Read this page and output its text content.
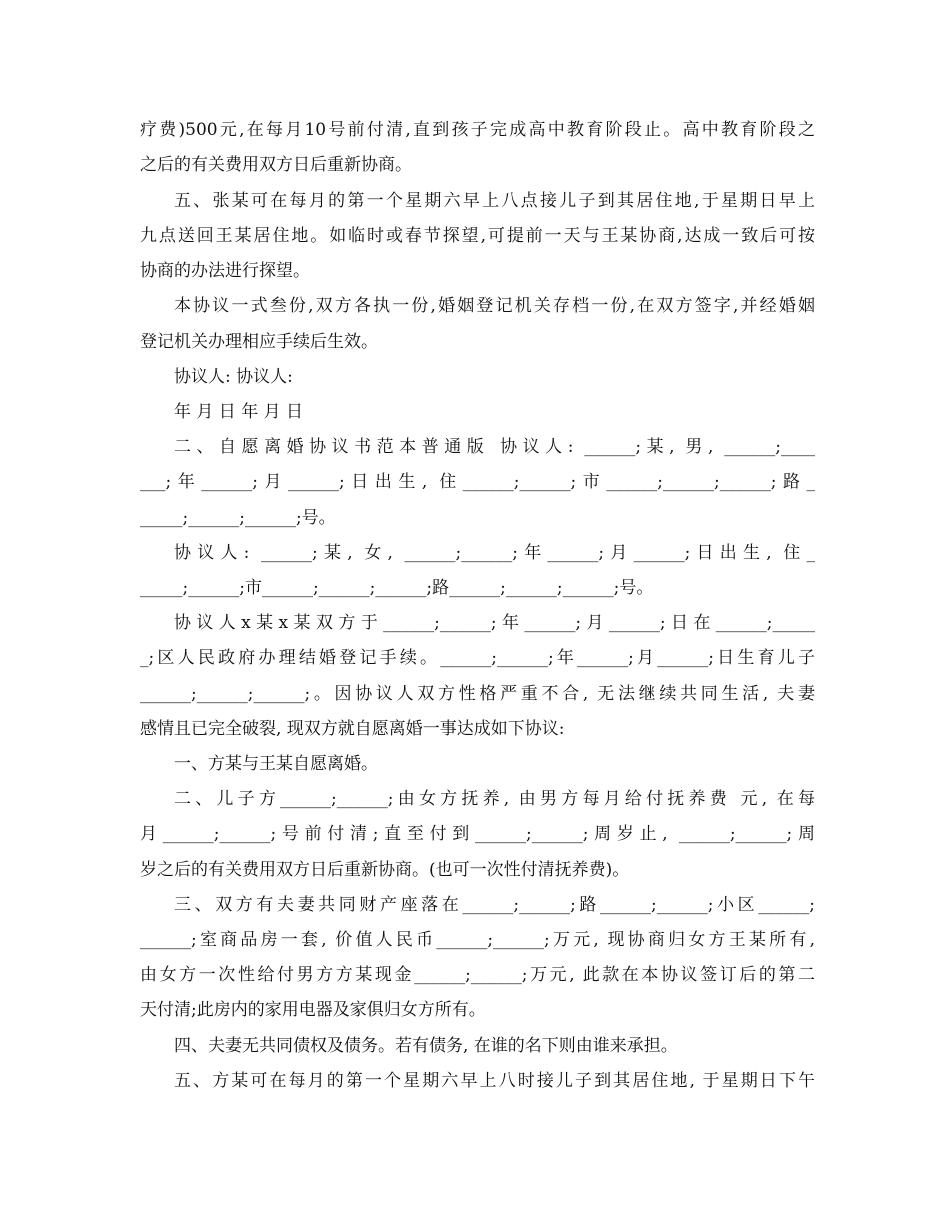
疗费)500元,在每月10号前付清,直到孩子完成高中教育阶段止。高中教育阶段之
之后的有关费用双方日后重新协商。
五、张某可在每月的第一个星期六早上八点接儿子到其居住地,于星期日早上
九点送回王某居住地。如临时或春节探望,可提前一天与王某协商,达成一致后可按
协商的办法进行探望。
本协议一式叁份,双方各执一份,婚姻登记机关存档一份,在双方签字,并经婚姻
登记机关办理相应手续后生效。
协议人: 协议人:
年 月 日 年 月 日
二、自愿离婚协议书范本普通版 协议人: ______;某, 男, ______;____
___;年______;月______;日出生, 住______;______;市______;______;______;路_
_____;______;______;号。
协议人: ______;某, 女, ______;______;年______;月______;日出生, 住_
_____;______;市______;______;______;路______;______;______;号。
协议人x某x某双方于______;______;年______;月______;日在______;_____
_;区人民政府办理结婚登记手续。______;______;年______;月______;日生育儿子
______;______;______;。因协议人双方性格严重不合, 无法继续共同生活, 夫妻
感情且已完全破裂, 现双方就自愿离婚一事达成如下协议:
一、方某与王某自愿离婚。
二、儿子方______;______;由女方抚养, 由男方每月给付抚养费 元, 在每
月______;______;号前付清;直至付到______;______;周岁止, ______;______;周
岁之后的有关费用双方日后重新协商。(也可一次性付清抚养费)。
三、双方有夫妻共同财产座落在______;______;路______;______;小区______;
______;室商品房一套, 价值人民币______;______;万元, 现协商归女方王某所有,
由女方一次性给付男方方某现金______;______;万元, 此款在本协议签订后的第二
天付清;此房内的家用电器及家俱归女方所有。
四、夫妻无共同债权及债务。若有债务, 在谁的名下则由谁来承担。
五、方某可在每月的第一个星期六早上八时接儿子到其居住地, 于星期日下午
